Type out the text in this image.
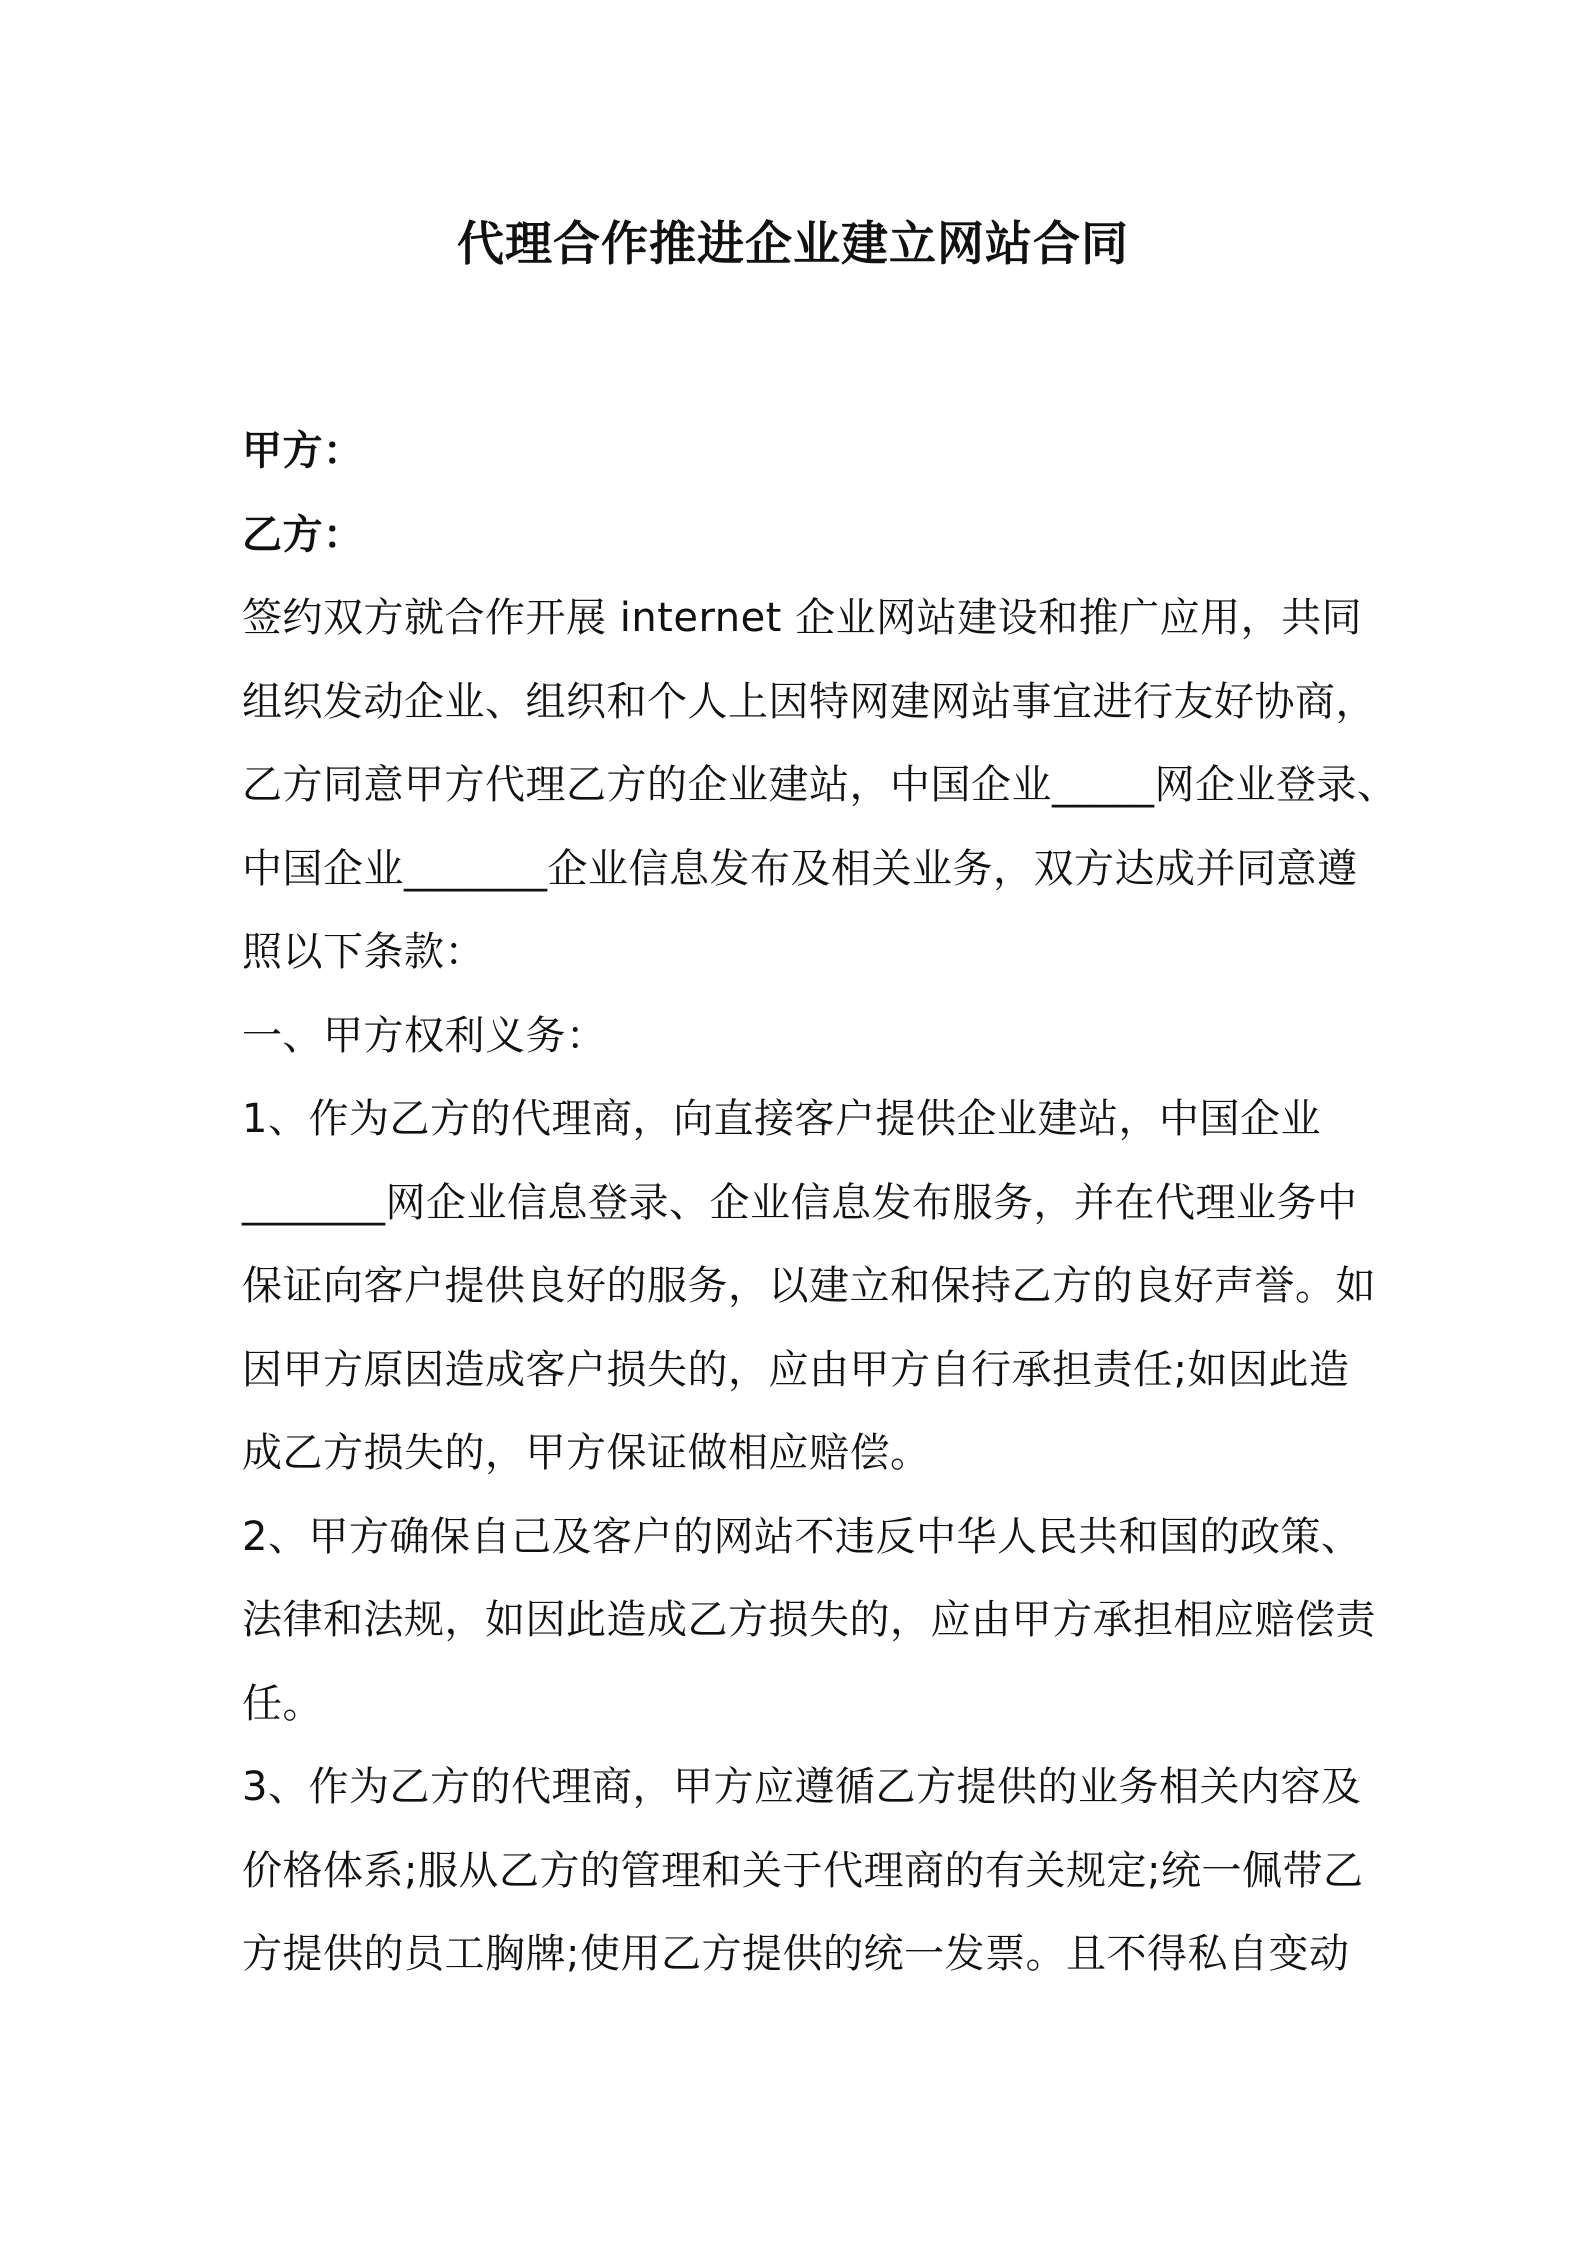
代理合作推进企业建立网站合同
甲方：
乙方：
签约双方就合作开展 internet 企业网站建设和推广应用，共同
组织发动企业、组织和个人上因特网建网站事宜进行友好协商，
乙方同意甲方代理乙方的企业建站，中国企业_____网企业登录、
中国企业_______企业信息发布及相关业务，双方达成并同意遵
照以下条款：
一、甲方权利义务：
1、作为乙方的代理商，向直接客户提供企业建站，中国企业
_______网企业信息登录、企业信息发布服务，并在代理业务中
保证向客户提供良好的服务，以建立和保持乙方的良好声誉。如
因甲方原因造成客户损失的，应由甲方自行承担责任;如因此造
成乙方损失的，甲方保证做相应赔偿。
2、甲方确保自己及客户的网站不违反中华人民共和国的政策、
法律和法规，如因此造成乙方损失的，应由甲方承担相应赔偿责
任。
3、作为乙方的代理商，甲方应遵循乙方提供的业务相关内容及
价格体系;服从乙方的管理和关于代理商的有关规定;统一佩带乙
方提供的员工胸牌;使用乙方提供的统一发票。且不得私自变动
